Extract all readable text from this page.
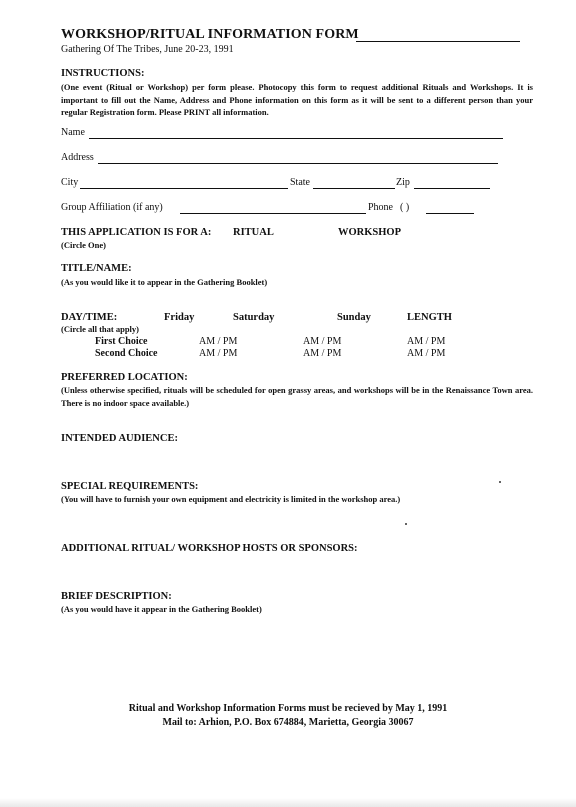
WORKSHOP/RITUAL INFORMATION FORM
Gathering Of The Tribes, June 20-23, 1991
INSTRUCTIONS:
(One event (Ritual or Workshop) per form please. Photocopy this form to request additional Rituals and Workshops. It is important to fill out the Name, Address and Phone information on this form as it will be sent to a different person than your regular Registration form. Please PRINT all information.
Name
Address
City	State	Zip
Group Affiliation (if any)	Phone ( )
THIS APPLICATION IS FOR A: RITUAL	WORKSHOP
(Circle One)
TITLE/NAME:
(As you would like it to appear in the Gathering Booklet)
DAY/TIME:	Friday	Saturday	Sunday	LENGTH
(Circle all that apply)
First Choice	AM / PM	AM / PM	AM / PM
Second Choice	AM / PM	AM / PM	AM / PM
PREFERRED LOCATION:
(Unless otherwise specified, rituals will be scheduled for open grassy areas, and workshops will be in the Renaissance Town area. There is no indoor space available.)
INTENDED AUDIENCE:
SPECIAL REQUIREMENTS:
(You will have to furnish your own equipment and electricity is limited in the workshop area.)
ADDITIONAL RITUAL/ WORKSHOP HOSTS OR SPONSORS:
BRIEF DESCRIPTION:
(As you would have it appear in the Gathering Booklet)
Ritual and Workshop Information Forms must be recieved by May 1, 1991
Mail to: Arhion, P.O. Box 674884, Marietta, Georgia 30067
